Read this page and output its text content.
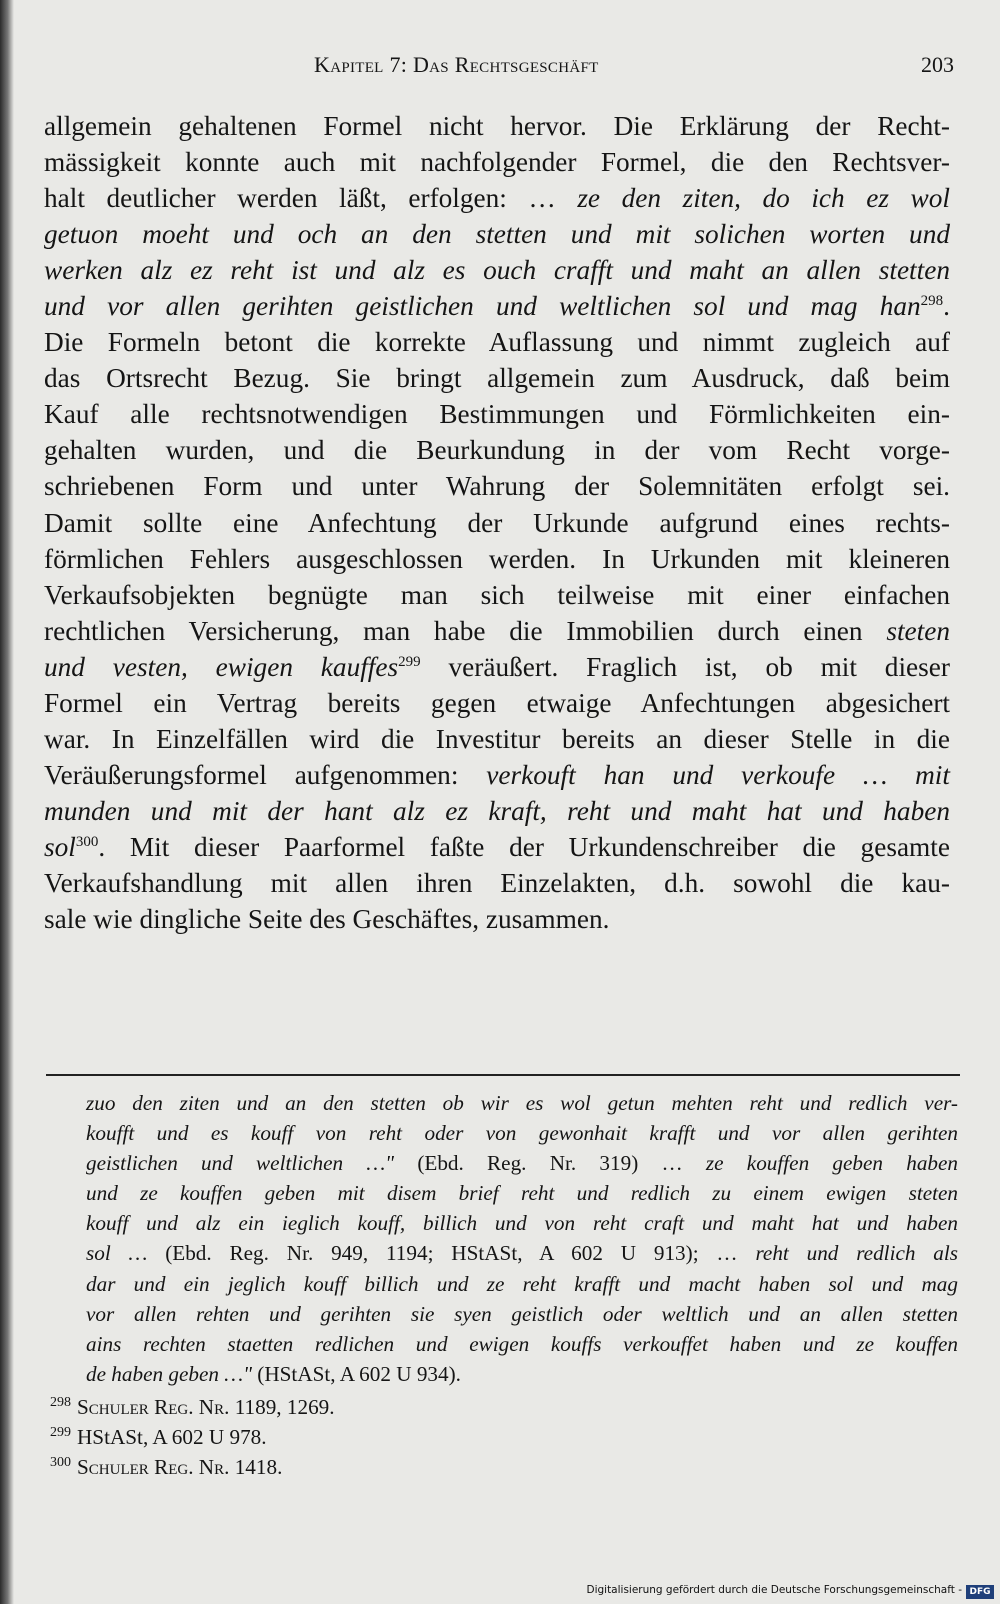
Kapitel 7: Das Rechtsgeschäft	203
allgemein gehaltenen Formel nicht hervor. Die Erklärung der Recht-
mässigkeit konnte auch mit nachfolgender Formel, die den Rechtsver-
halt deutlicher werden läßt, erfolgen: … ze den ziten, do ich ez wol
getuon moeht und och an den stetten und mit solichen worten und
werken alz ez reht ist und alz es ouch crafft und maht an allen stetten
und vor allen gerihten geistlichen und weltlichen sol und mag han$^{298}$.
Die Formeln betont die korrekte Auflassung und nimmt zugleich auf
das Ortsrecht Bezug. Sie bringt allgemein zum Ausdruck, daß beim
Kauf alle rechtsnotwendigen Bestimmungen und Förmlichkeiten ein-
gehalten wurden, und die Beurkundung in der vom Recht vorge-
schriebenen Form und unter Wahrung der Solemnitäten erfolgt sei.
Damit sollte eine Anfechtung der Urkunde aufgrund eines rechts-
förmlichen Fehlers ausgeschlossen werden. In Urkunden mit kleineren
Verkaufsobjekten begnügte man sich teilweise mit einer einfachen
rechtlichen Versicherung, man habe die Immobilien durch einen steten
und vesten, ewigen kauffes$^{299}$ veräußert. Fraglich ist, ob mit dieser
Formel ein Vertrag bereits gegen etwaige Anfechtungen abgesichert
war. In Einzelfällen wird die Investitur bereits an dieser Stelle in die
Veräußerungsformel aufgenommen: verkouft han und verkoufe … mit
munden und mit der hant alz ez kraft, reht und maht hat und haben
sol$^{300}$. Mit dieser Paarformel faßte der Urkundenschreiber die gesamte
Verkaufshandlung mit allen ihren Einzelakten, d.h. sowohl die kau-
sale wie dingliche Seite des Geschäftes, zusammen.
zuo den ziten und an den stetten ob wir es wol getun mehten reht und redlich ver-
koufft und es kouff von reht oder von gewonhait krafft und vor allen gerihten
geistlichen und weltlichen …" (Ebd. Reg. Nr. 319) … ze kouffen geben haben
und ze kouffen geben mit disem brief reht und redlich zu einem ewigen steten
kouff und alz ein ieglich kouff, billich und von reht craft und maht hat und haben
sol … (Ebd. Reg. Nr. 949, 1194; HStASt, A 602 U 913); … reht und redlich als
dar und ein jeglich kouff billich und ze reht krafft und macht haben sol und mag
vor allen rehten und gerihten sie syen geistlich oder weltlich und an allen stetten
ains rechten staetten redlichen und ewigen kouffs verkouffet haben und ze kouffen
de haben geben …" (HStASt, A 602 U 934).
$^{298}$ Schuler Reg. Nr. 1189, 1269.
$^{299}$ HStASt, A 602 U 978.
$^{300}$ Schuler Reg. Nr. 1418.
Digitalisierung gefördert durch die Deutsche Forschungsgemeinschaft - DFG
